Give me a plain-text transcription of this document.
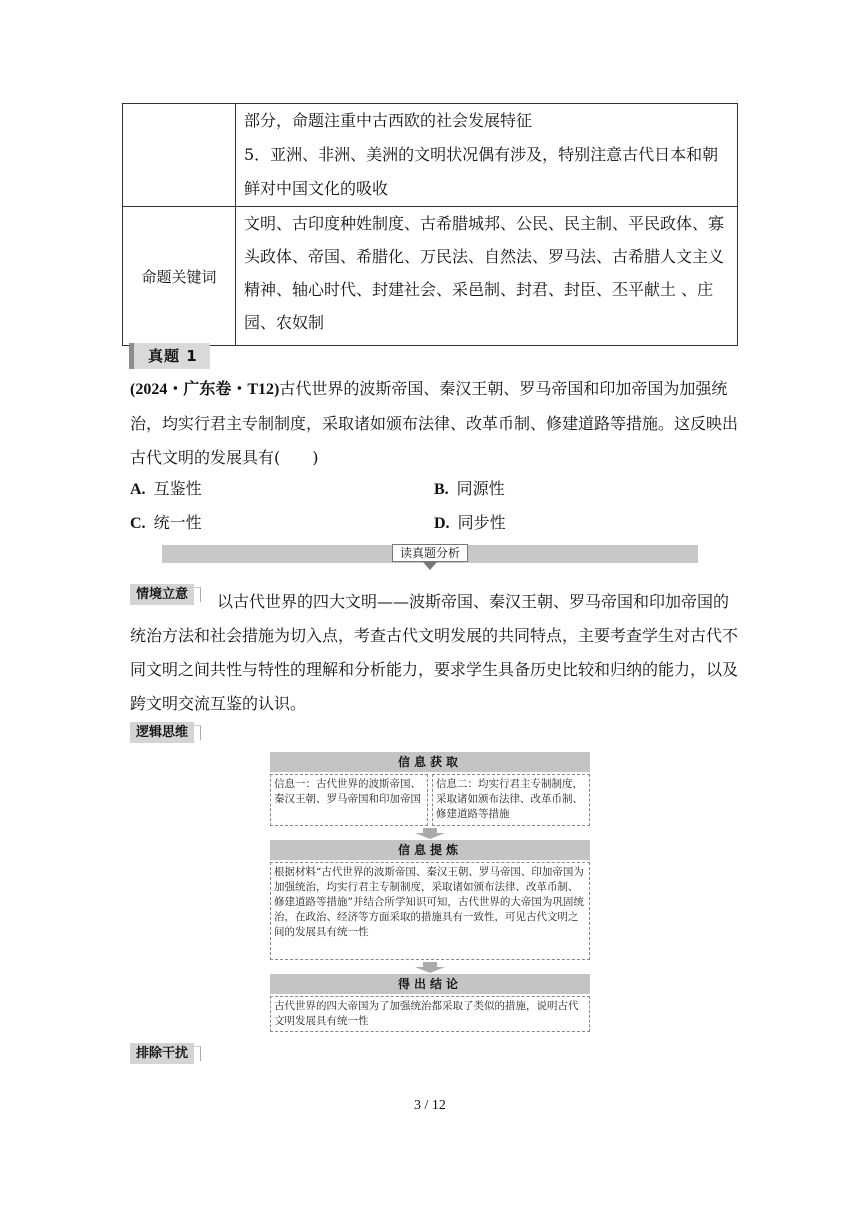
	部分，命题注重中古西欧的社会发展特征
5．亚洲、非洲、美洲的文明状况偶有涉及，特别注意古代日本和朝鲜对中国文化的吸收

命题关键词	文明、古印度种姓制度、古希腊城邦、公民、民主制、平民政体、寡头政体、帝国、希腊化、万民法、自然法、罗马法、古希腊人文主义精神、轴心时代、封建社会、采邑制、封君、封臣、丕平献土 、庄园、农奴制
真题 1
(2024・广东卷・T12)古代世界的波斯帝国、秦汉王朝、罗马帝国和印加帝国为加强统治，均实行君主专制制度，采取诸如颁布法律、改革币制、修建道路等措施。这反映出古代文明的发展具有(　　)
A. 互鉴性	B. 同源性
C. 统一性	D. 同步性
读真题分析
情境立意	以古代世界的四大文明——波斯帝国、秦汉王朝、罗马帝国和印加帝国的统治方法和社会措施为切入点，考查古代文明发展的共同特点，主要考查学生对古代不同文明之间共性与特性的理解和分析能力，要求学生具备历史比较和归纳的能力，以及跨文明交流互鉴的认识。
逻辑思维
信息获取
信息一：古代世界的波斯帝国、秦汉王朝、罗马帝国和印加帝国
信息二：均实行君主专制制度，采取诸如颁布法律、改革币制、修建道路等措施
信息提炼
根据材料“古代世界的波斯帝国、秦汉王朝、罗马帝国、印加帝国为加强统治，均实行君主专制制度，采取诸如颁布法律、改革币制、修建道路等措施”并结合所学知识可知，古代世界的大帝国为巩固统治，在政治、经济等方面采取的措施具有一致性，可见古代文明之间的发展具有统一性
得出结论
古代世界的四大帝国为了加强统治都采取了类似的措施，说明古代文明发展具有统一性
排除干扰
3 / 12
